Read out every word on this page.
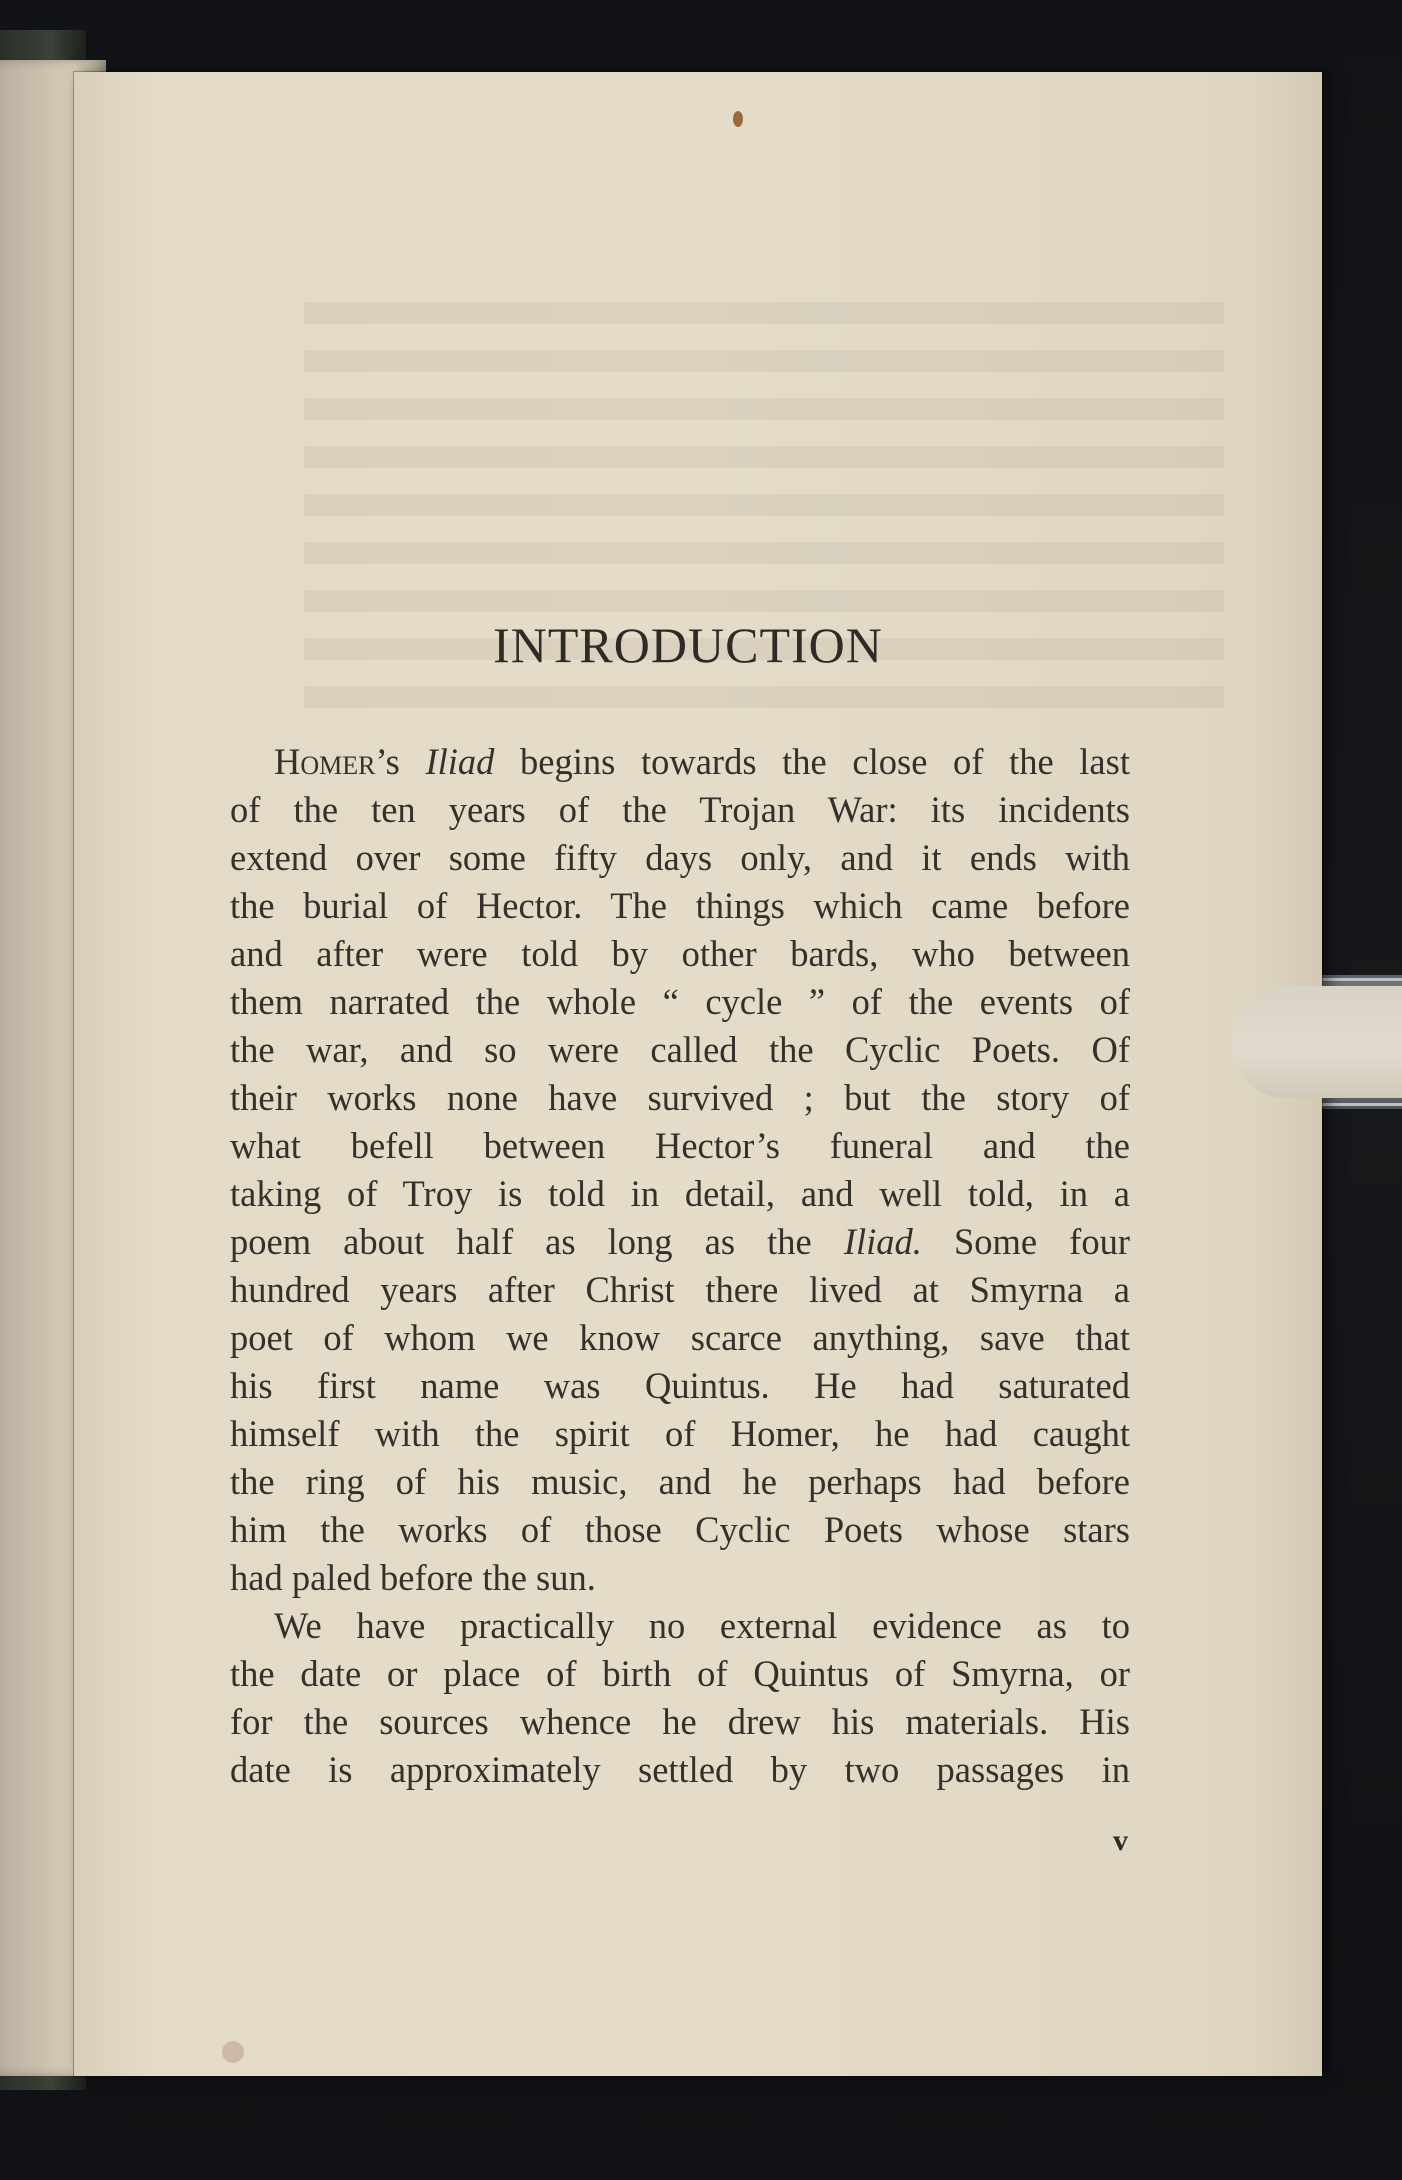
INTRODUCTION
Homer’s Iliad begins towards the close of the last
of the ten years of the Trojan War: its incidents
extend over some fifty days only, and it ends with
the burial of Hector. The things which came before
and after were told by other bards, who between
them narrated the whole “ cycle ” of the events of
the war, and so were called the Cyclic Poets. Of
their works none have survived ; but the story of
what befell between Hector’s funeral and the
taking of Troy is told in detail, and well told, in a
poem about half as long as the Iliad. Some four
hundred years after Christ there lived at Smyrna a
poet of whom we know scarce anything, save that
his first name was Quintus. He had saturated
himself with the spirit of Homer, he had caught
the ring of his music, and he perhaps had before
him the works of those Cyclic Poets whose stars
had paled before the sun.
We have practically no external evidence as to
the date or place of birth of Quintus of Smyrna, or
for the sources whence he drew his materials. His
date is approximately settled by two passages in
v
